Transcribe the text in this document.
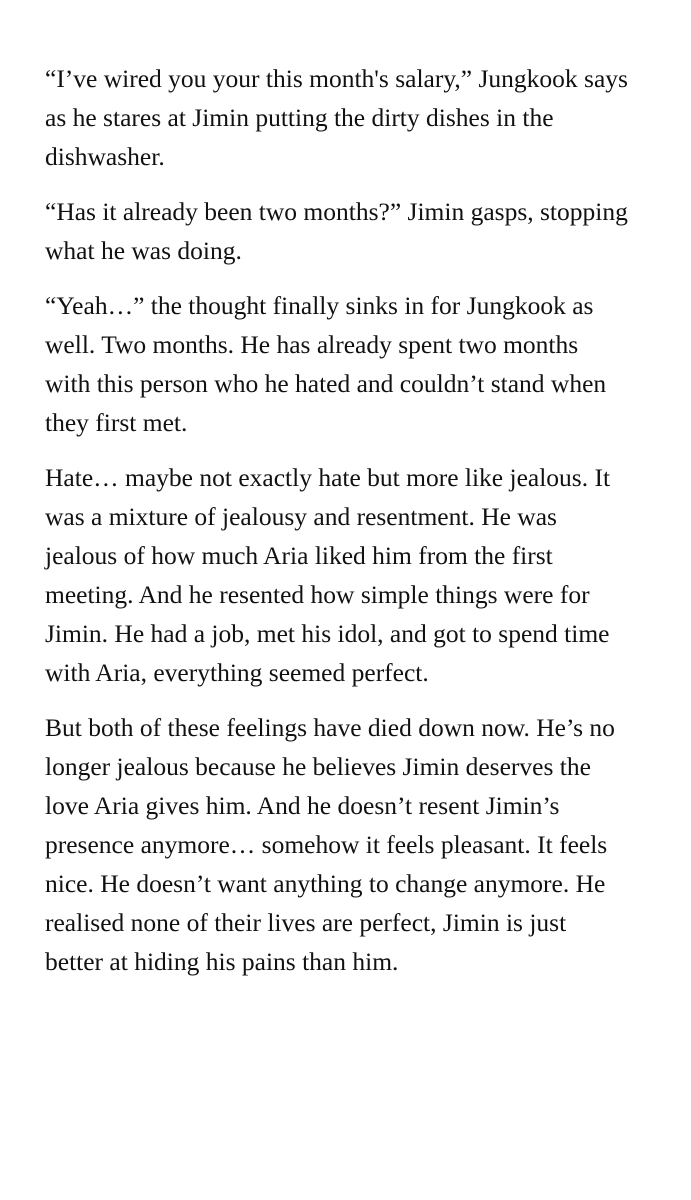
“I’ve wired you your this month's salary,” Jungkook says
as he stares at Jimin putting the dirty dishes in the
dishwasher.

“Has it already been two months?” Jimin gasps, stopping
what he was doing.

“Yeah…” the thought finally sinks in for Jungkook as
well. Two months. He has already spent two months
with this person who he hated and couldn’t stand when
they first met.

Hate… maybe not exactly hate but more like jealous. It
was a mixture of jealousy and resentment. He was
jealous of how much Aria liked him from the first
meeting. And he resented how simple things were for
Jimin. He had a job, met his idol, and got to spend time
with Aria, everything seemed perfect.

But both of these feelings have died down now. He’s no
longer jealous because he believes Jimin deserves the
love Aria gives him. And he doesn’t resent Jimin’s
presence anymore… somehow it feels pleasant. It feels
nice. He doesn’t want anything to change anymore. He
realised none of their lives are perfect, Jimin is just
better at hiding his pains than him.
